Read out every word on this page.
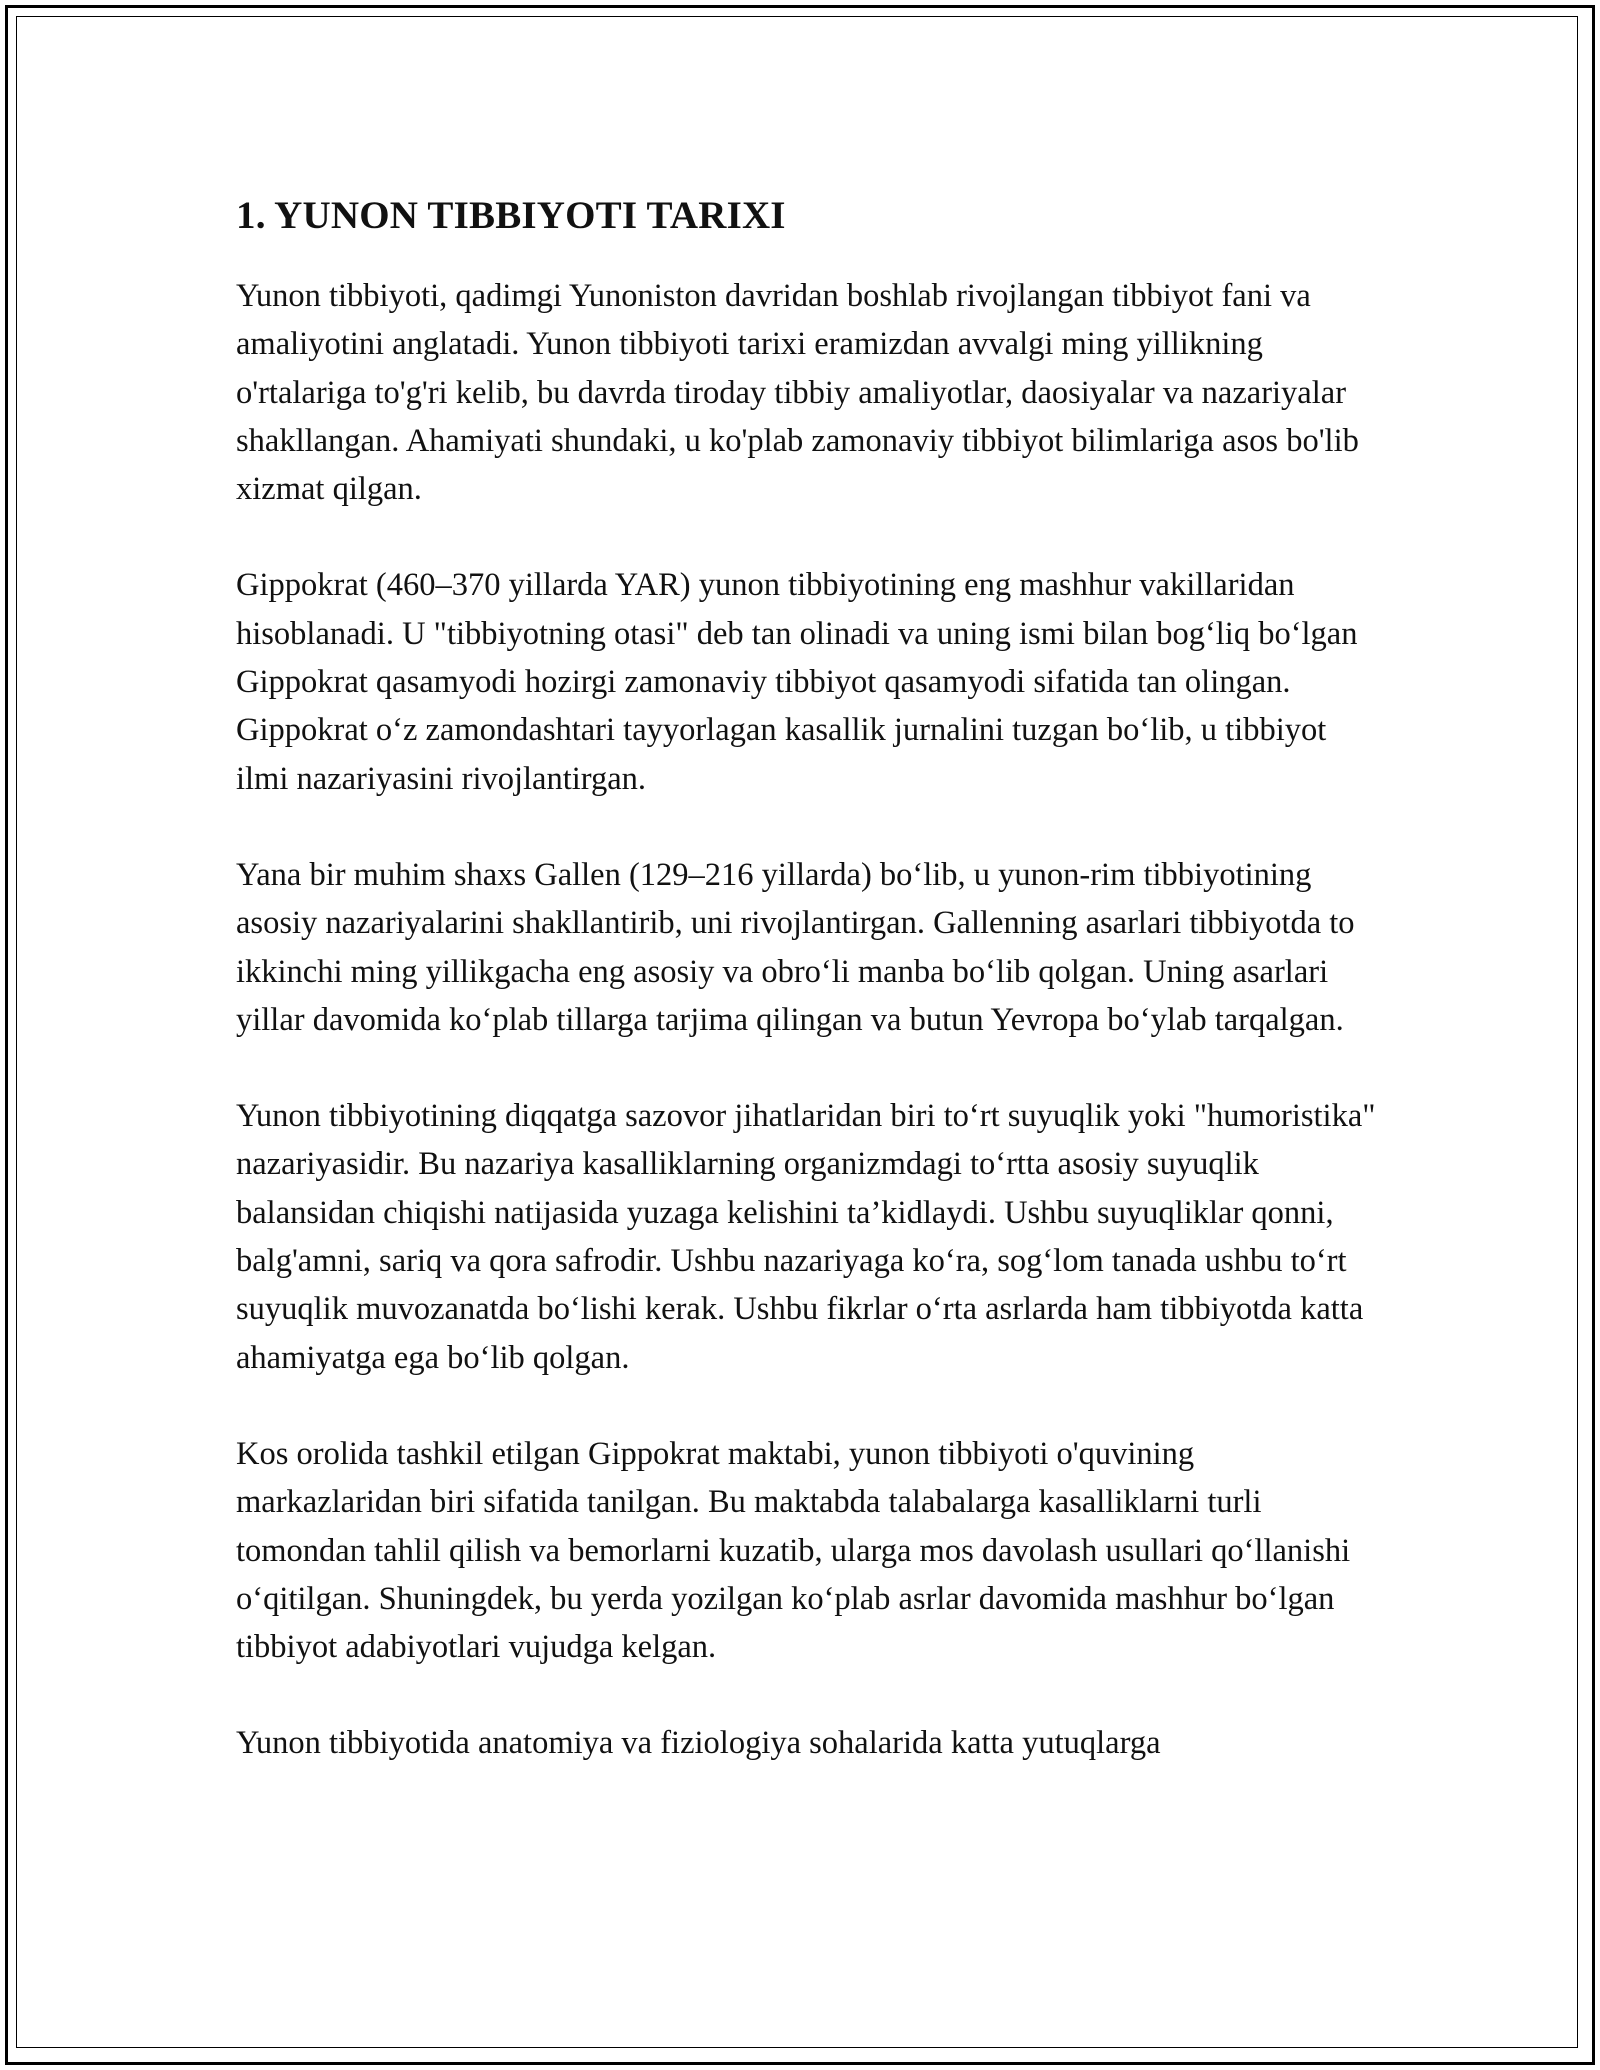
1. YUNON TIBBIYOTI TARIXI

Yunon tibbiyoti, qadimgi Yunoniston davridan boshlab rivojlangan tibbiyot fani va amaliyotini anglatadi. Yunon tibbiyoti tarixi eramizdan avvalgi ming yillikning o'rtalariga to'g'ri kelib, bu davrda tiroday tibbiy amaliyotlar, daosiyalar va nazariyalar shakllangan. Ahamiyati shundaki, u ko'plab zamonaviy tibbiyot bilimlariga asos bo'lib xizmat qilgan.

Gippokrat (460–370 yillarda YAR) yunon tibbiyotining eng mashhur vakillaridan hisoblanadi. U "tibbiyotning otasi" deb tan olinadi va uning ismi bilan bog‘liq bo‘lgan Gippokrat qasamyodi hozirgi zamonaviy tibbiyot qasamyodi sifatida tan olingan. Gippokrat o‘z zamondashtari tayyorlagan kasallik jurnalini tuzgan bo‘lib, u tibbiyot ilmi nazariyasini rivojlantirgan.

Yana bir muhim shaxs Gallen (129–216 yillarda) bo‘lib, u yunon-rim tibbiyotining asosiy nazariyalarini shakllantirib, uni rivojlantirgan. Gallenning asarlari tibbiyotda to ikkinchi ming yillikgacha eng asosiy va obro‘li manba bo‘lib qolgan. Uning asarlari yillar davomida ko‘plab tillarga tarjima qilingan va butun Yevropa bo‘ylab tarqalgan.

Yunon tibbiyotining diqqatga sazovor jihatlaridan biri to‘rt suyuqlik yoki "humoristika" nazariyasidir. Bu nazariya kasalliklarning organizmdagi to‘rtta asosiy suyuqlik balansidan chiqishi natijasida yuzaga kelishini ta’kidlaydi. Ushbu suyuqliklar qonni, balg'amni, sariq va qora safrodir. Ushbu nazariyaga ko‘ra, sog‘lom tanada ushbu to‘rt suyuqlik muvozanatda bo‘lishi kerak. Ushbu fikrlar o‘rta asrlarda ham tibbiyotda katta ahamiyatga ega bo‘lib qolgan.

Kos orolida tashkil etilgan Gippokrat maktabi, yunon tibbiyoti o'quvining markazlaridan biri sifatida tanilgan. Bu maktabda talabalarga kasalliklarni turli tomondan tahlil qilish va bemorlarni kuzatib, ularga mos davolash usullari qo‘llanishi o‘qitilgan. Shuningdek, bu yerda yozilgan ko‘plab asrlar davomida mashhur bo‘lgan tibbiyot adabiyotlari vujudga kelgan.

Yunon tibbiyotida anatomiya va fiziologiya sohalarida katta yutuqlarga
